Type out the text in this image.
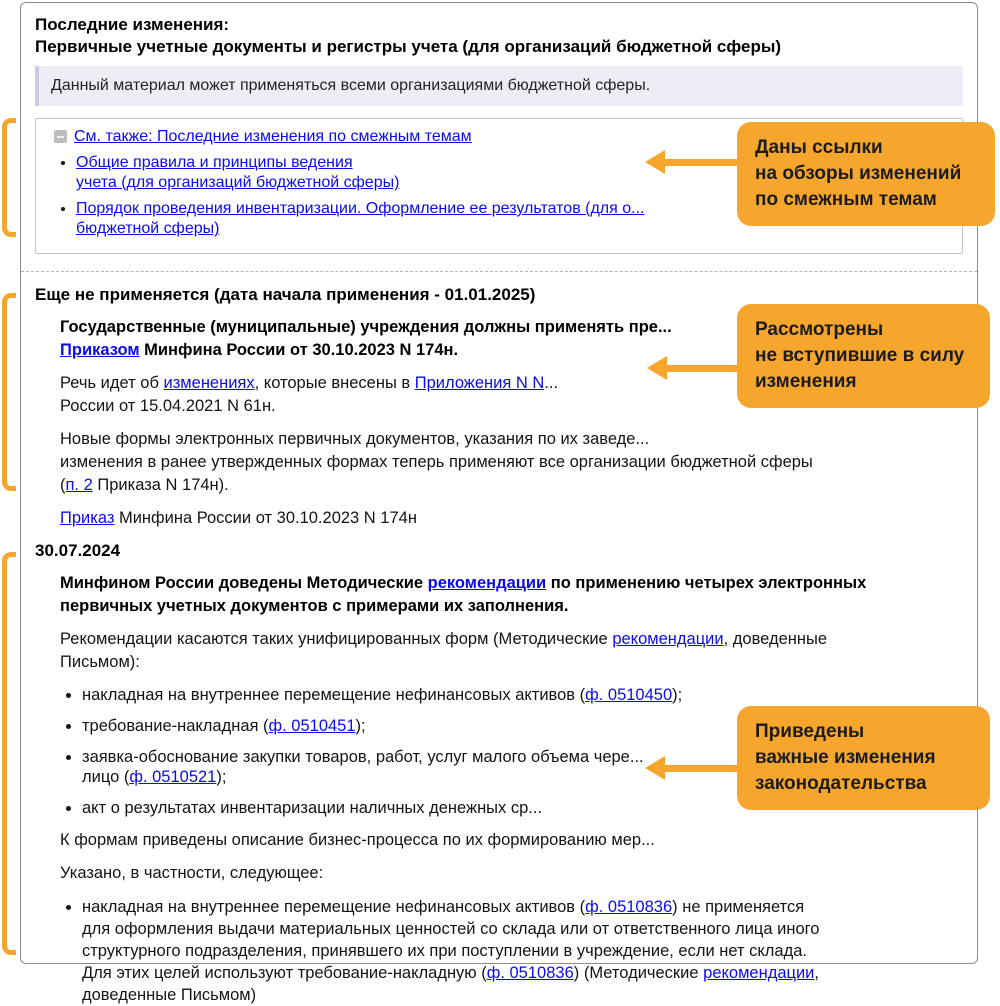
Последние изменения:
Первичные учетные документы и регистры учета (для организаций бюджетной сферы)
Данный материал может применяться всеми организациями бюджетной сферы.
См. также: Последние изменения по смежным темам
• Общие правила и принципы ведения
учета (для организаций бюджетной сферы)
• Порядок проведения инвентаризации. Оформление ее результатов (для о...
бюджетной сферы)
Еще не применяется (дата начала применения - 01.01.2025)

Государственные (муниципальные) учреждения должны применять пре...
Приказом Минфина России от 30.10.2023 N 174н.

Речь идет об изменениях, которые внесены в Приложения N N...
России от 15.04.2021 N 61н.

Новые формы электронных первичных документов, указания по их заведе...
изменения в ранее утвержденных формах теперь применяют все организации бюджетной сферы
(п. 2 Приказа N 174н).

Приказ Минфина России от 30.10.2023 N 174н

30.07.2024

Минфином России доведены Методические рекомендации по применению четырех электронных
первичных учетных документов с примерами их заполнения.

Рекомендации касаются таких унифицированных форм (Методические рекомендации, доведенные
Письмом):

• накладная на внутреннее перемещение нефинансовых активов (ф. 0510450);
• требование-накладная (ф. 0510451);
• заявка-обоснование закупки товаров, работ, услуг малого объема чере...
лицо (ф. 0510521);
• акт о результатах инвентаризации наличных денежных ср...

К формам приведены описание бизнес-процесса по их формированию мер...

Указано, в частности, следующее:

• накладная на внутреннее перемещение нефинансовых активов (ф. 0510836) не применяется
для оформления выдачи материальных ценностей со склада или от ответственного лица иного
структурного подразделения, принявшего их при поступлении в учреждение, если нет склада.
Для этих целей используют требование-накладную (ф. 0510836) (Методические рекомендации,
доведенные Письмом)
Даны ссылки
на обзоры изменений
по смежным темам
Рассмотрены
не вступившие в силу
изменения
Приведены
важные изменения
законодательства
